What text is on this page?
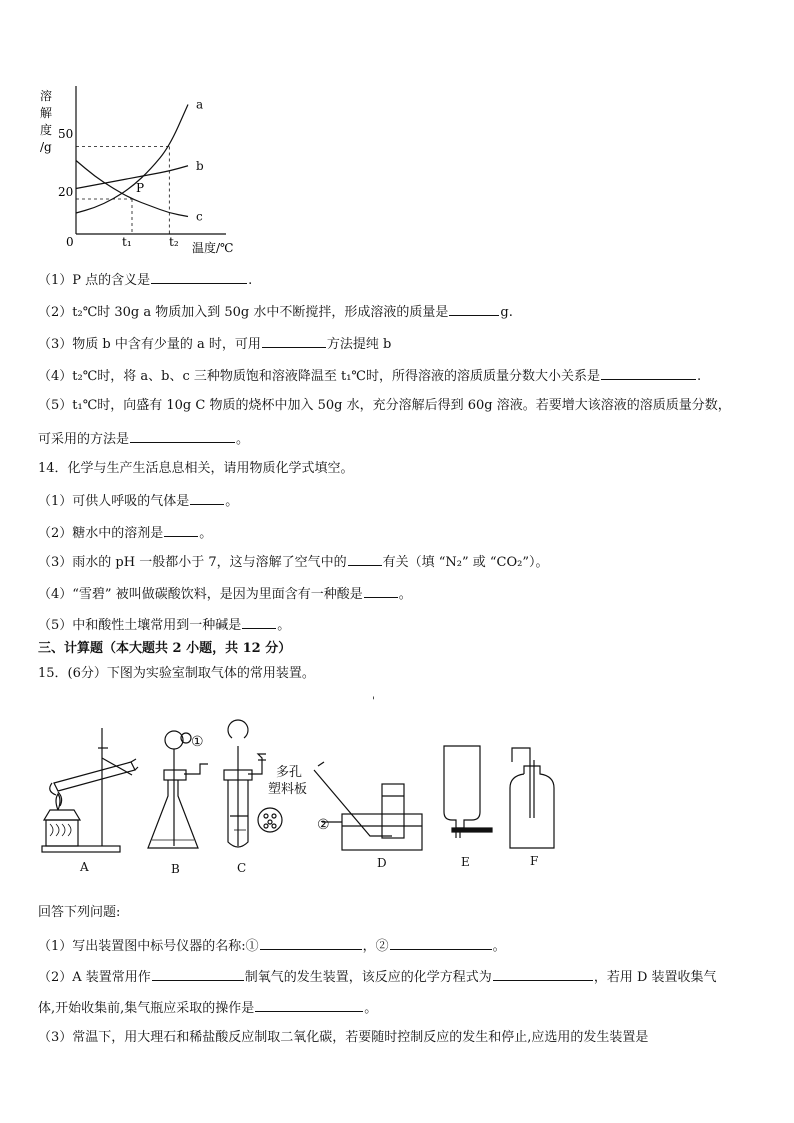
a
b
c
溶
解
度
/g
50
20
0	t₁	t₂ 温度/℃
P
（1）P 点的含义是	.
（2）t₂℃时 30g a 物质加入到 50g 水中不断搅拌，形成溶液的质量是	g.
（3）物质 b 中含有少量的 a 时，可用	方法提纯 b
（4）t₂℃时，将 a、b、c 三种物质饱和溶液降温至 t₁℃时，所得溶液的溶质质量分数大小关系是	.
（5）t₁℃时，向盛有 10g C 物质的烧杯中加入 50g 水，充分溶解后得到 60g 溶液。若要增大该溶液的溶质质量分数，
可采用的方法是	。
14．化学与生产生活息息相关，请用物质化学式填空。
（1）可供人呼吸的气体是	。
（2）糖水中的溶剂是	。
（3）雨水的 pH 一般都小于 7，这与溶解了空气中的	有关（填 “N₂” 或 “CO₂”）。
（4）“雪碧” 被叫做碳酸饮料，是因为里面含有一种酸是	。
（5）中和酸性土壤常用到一种碱是	。
三、计算题（本大题共 2 小题，共 12 分）
15．(6分）下图为实验室制取气体的常用装置。
'
①
②
多孔
塑料板
A	B	C	D	E	F
回答下列问题:
（1）写出装置图中标号仪器的名称:①	，②	。
（2）A 装置常用作	制氧气的发生装置，该反应的化学方程式为	，若用 D 装置收集气
体,开始收集前,集气瓶应采取的操作是	。
（3）常温下，用大理石和稀盐酸反应制取二氧化碳，若要随时控制反应的发生和停止,应选用的发生装置是
